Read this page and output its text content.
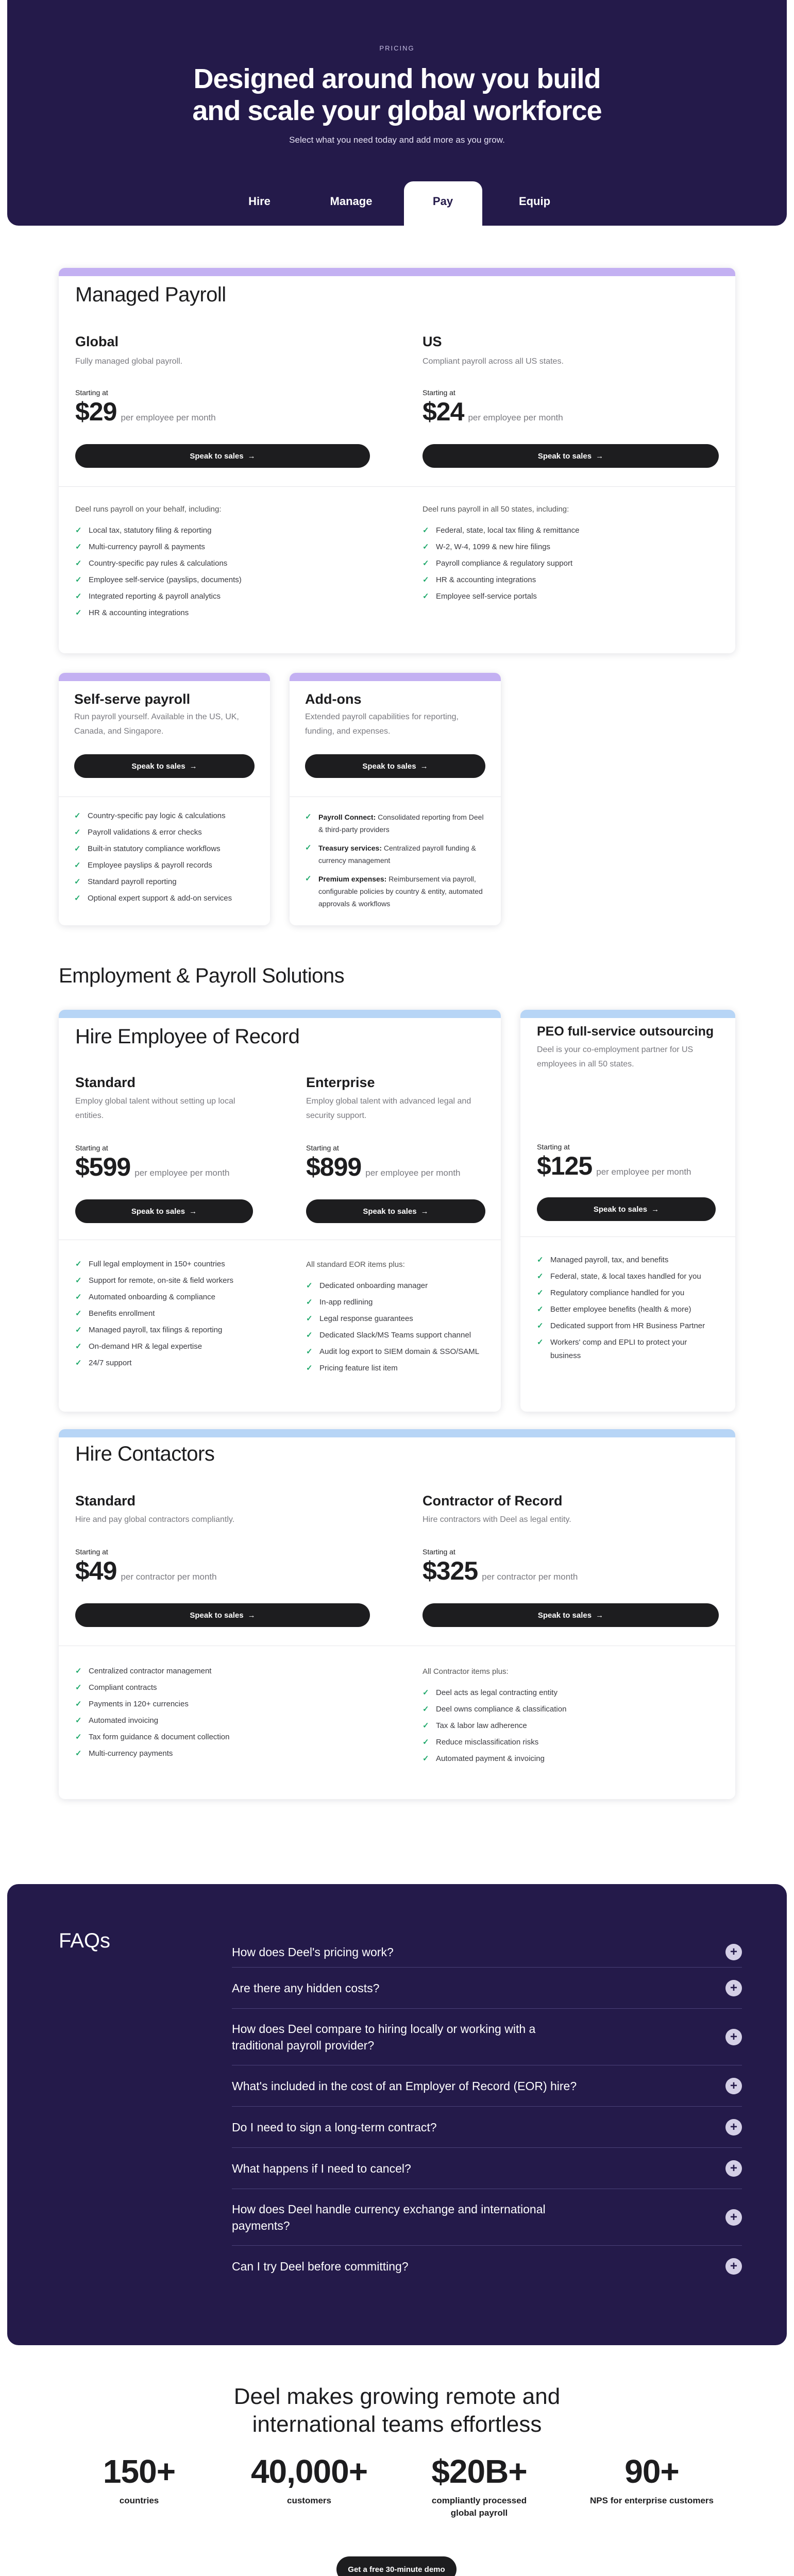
PRICING
Designed around how you build
and scale your global workforce
Select what you need today and add more as you grow.
Hire	Manage	Pay	Equip
Managed Payroll
Global
Fully managed global payroll.
Starting at
$29 per employee per month
Speak to sales →
US
Compliant payroll across all US states.
Starting at
$24 per employee per month
Speak to sales →
Deel runs payroll on your behalf, including:
✓ Local tax, statutory filing & reporting
✓ Multi-currency payroll & payments
✓ Country-specific pay rules & calculations
✓ Employee self-service (payslips, documents)
✓ Integrated reporting & payroll analytics
✓ HR & accounting integrations
Deel runs payroll in all 50 states, including:
✓ Federal, state, local tax filing & remittance
✓ W-2, W-4, 1099 & new hire filings
✓ Payroll compliance & regulatory support
✓ HR & accounting integrations
✓ Employee self-service portals
Self-serve payroll
Run payroll yourself. Available in the US, UK, Canada, and Singapore.
Speak to sales →
✓ Country-specific pay logic & calculations
✓ Payroll validations & error checks
✓ Built-in statutory compliance workflows
✓ Employee payslips & payroll records
✓ Standard payroll reporting
✓ Optional expert support & add-on services
Add-ons
Extended payroll capabilities for reporting, funding, and expenses.
Speak to sales →
✓ Payroll Connect: Consolidated reporting from Deel & third-party providers
✓ Treasury services: Centralized payroll funding & currency management
✓ Premium expenses: Reimbursement via payroll, configurable policies by country & entity, automated approvals & workflows
Employment & Payroll Solutions
Hire Employee of Record
Standard
Employ global talent without setting up local entities.
Starting at
$599 per employee per month
Speak to sales →
Enterprise
Employ global talent with advanced legal and security support.
Starting at
$899 per employee per month
Speak to sales →
✓ Full legal employment in 150+ countries
✓ Support for remote, on-site & field workers
✓ Automated onboarding & compliance
✓ Benefits enrollment
✓ Managed payroll, tax filings & reporting
✓ On-demand HR & legal expertise
✓ 24/7 support
All standard EOR items plus:
✓ Dedicated onboarding manager
✓ In-app redlining
✓ Legal response guarantees
✓ Dedicated Slack/MS Teams support channel
✓ Audit log export to SIEM domain & SSO/SAML
✓ Pricing feature list item
PEO full-service outsourcing
Deel is your co-employment partner for US employees in all 50 states.
Starting at
$125 per employee per month
Speak to sales →
✓ Managed payroll, tax, and benefits
✓ Federal, state, & local taxes handled for you
✓ Regulatory compliance handled for you
✓ Better employee benefits (health & more)
✓ Dedicated support from HR Business Partner
✓ Workers' comp and EPLI to protect your business
Hire Contactors
Standard
Hire and pay global contractors compliantly.
Starting at
$49 per contractor per month
Speak to sales →
Contractor of Record
Hire contractors with Deel as legal entity.
Starting at
$325 per contractor per month
Speak to sales →
✓ Centralized contractor management
✓ Compliant contracts
✓ Payments in 120+ currencies
✓ Automated invoicing
✓ Tax form guidance & document collection
✓ Multi-currency payments
All Contractor items plus:
✓ Deel acts as legal contracting entity
✓ Deel owns compliance & classification
✓ Tax & labor law adherence
✓ Reduce misclassification risks
✓ Automated payment & invoicing
FAQs	How does Deel's pricing work?	+
Are there any hidden costs?	+
How does Deel compare to hiring locally or working with a traditional payroll provider?
+
What's included in the cost of an Employer of Record (EOR) hire?	+
Do I need to sign a long-term contract?	+
What happens if I need to cancel?	+
How does Deel handle currency exchange and international payments?
+
Can I try Deel before committing?	+
Deel makes growing remote and
international teams effortless
150+
countries
40,000+
customers
$20B+
compliantly processed global payroll
90+
NPS for enterprise customers
Get a free 30-minute demo
